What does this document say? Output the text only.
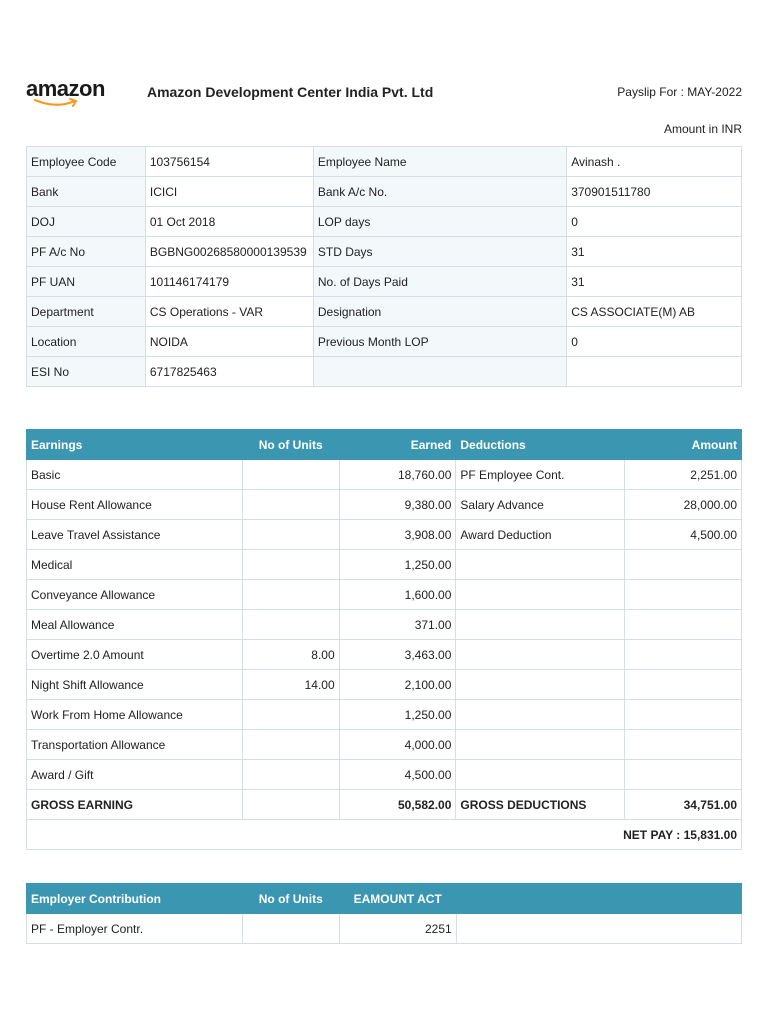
amazon	Amazon Development Center India Pvt. Ltd	Payslip For : MAY-2022
Amount in INR
Employee Code	103756154	Employee Name	Avinash .
Bank	ICICI	Bank A/c No.	370901511780
DOJ	01 Oct 2018	LOP days	0
PF A/c No	BGBNG00268580000139539	STD Days	31
PF UAN	101146174179	No. of Days Paid	31
Department	CS Operations - VAR	Designation	CS ASSOCIATE(M) AB
Location	NOIDA	Previous Month LOP	0
ESI No	6717825463		
Earnings	No of Units	Earned	Deductions	Amount
Basic		18,760.00	PF Employee Cont.	2,251.00
House Rent Allowance		9,380.00	Salary Advance	28,000.00
Leave Travel Assistance		3,908.00	Award Deduction	4,500.00
Medical		1,250.00		
Conveyance Allowance		1,600.00		
Meal Allowance		371.00		
Overtime 2.0 Amount	8.00	3,463.00		
Night Shift Allowance	14.00	2,100.00		
Work From Home Allowance		1,250.00		
Transportation Allowance		4,000.00		
Award / Gift		4,500.00		
GROSS EARNING		50,582.00	GROSS DEDUCTIONS	34,751.00
NET PAY : 15,831.00				
Employer Contribution	No of Units	EAMOUNT ACT	
PF - Employer Contr.		2251	
